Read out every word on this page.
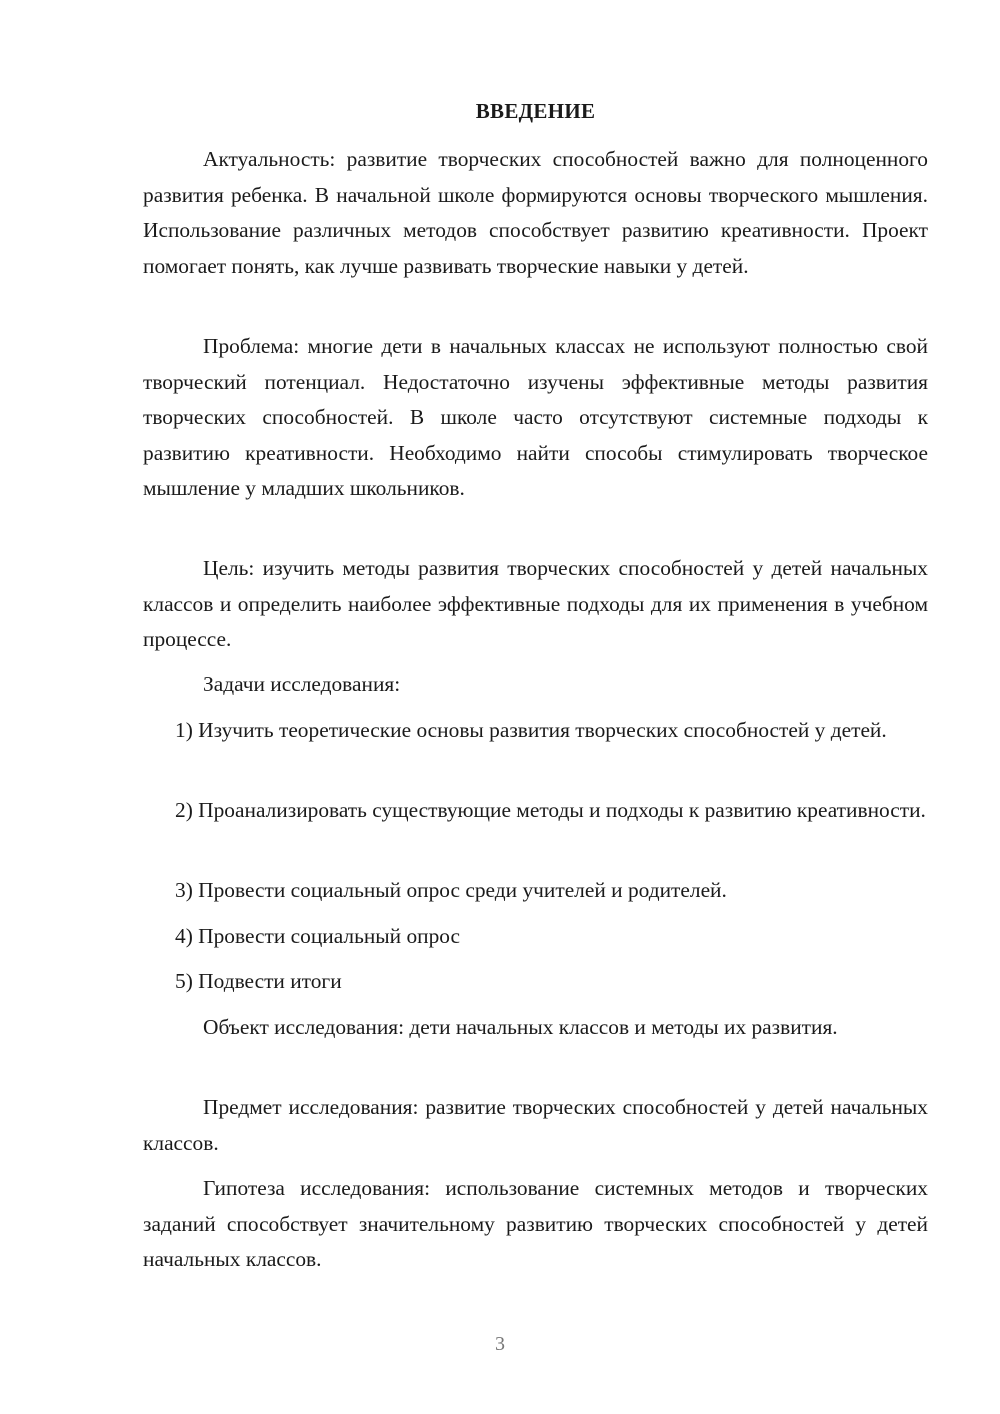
ВВЕДЕНИЕ

Актуальность: развитие творческих способностей важно для полноценного развития ребенка. В начальной школе формируются основы творческого мышления. Использование различных методов способствует развитию креативности. Проект помогает понять, как лучше развивать творческие навыки у детей.

Проблема: многие дети в начальных классах не используют полностью свой творческий потенциал. Недостаточно изучены эффективные методы развития творческих способностей. В школе часто отсутствуют системные подходы к развитию креативности. Необходимо найти способы стимулировать творческое мышление у младших школьников.

Цель: изучить методы развития творческих способностей у детей начальных классов и определить наиболее эффективные подходы для их применения в учебном процессе.

Задачи исследования:

1) Изучить теоретические основы развития творческих способностей у детей.

2) Проанализировать существующие методы и подходы к развитию креативности.

3) Провести социальный опрос среди учителей и родителей.

4) Провести социальный опрос

5) Подвести итоги

Объект исследования: дети начальных классов и методы их развития.

Предмет исследования: развитие творческих способностей у детей начальных классов.

Гипотеза исследования: использование системных методов и творческих заданий способствует значительному развитию творческих способностей у детей начальных классов.

3
